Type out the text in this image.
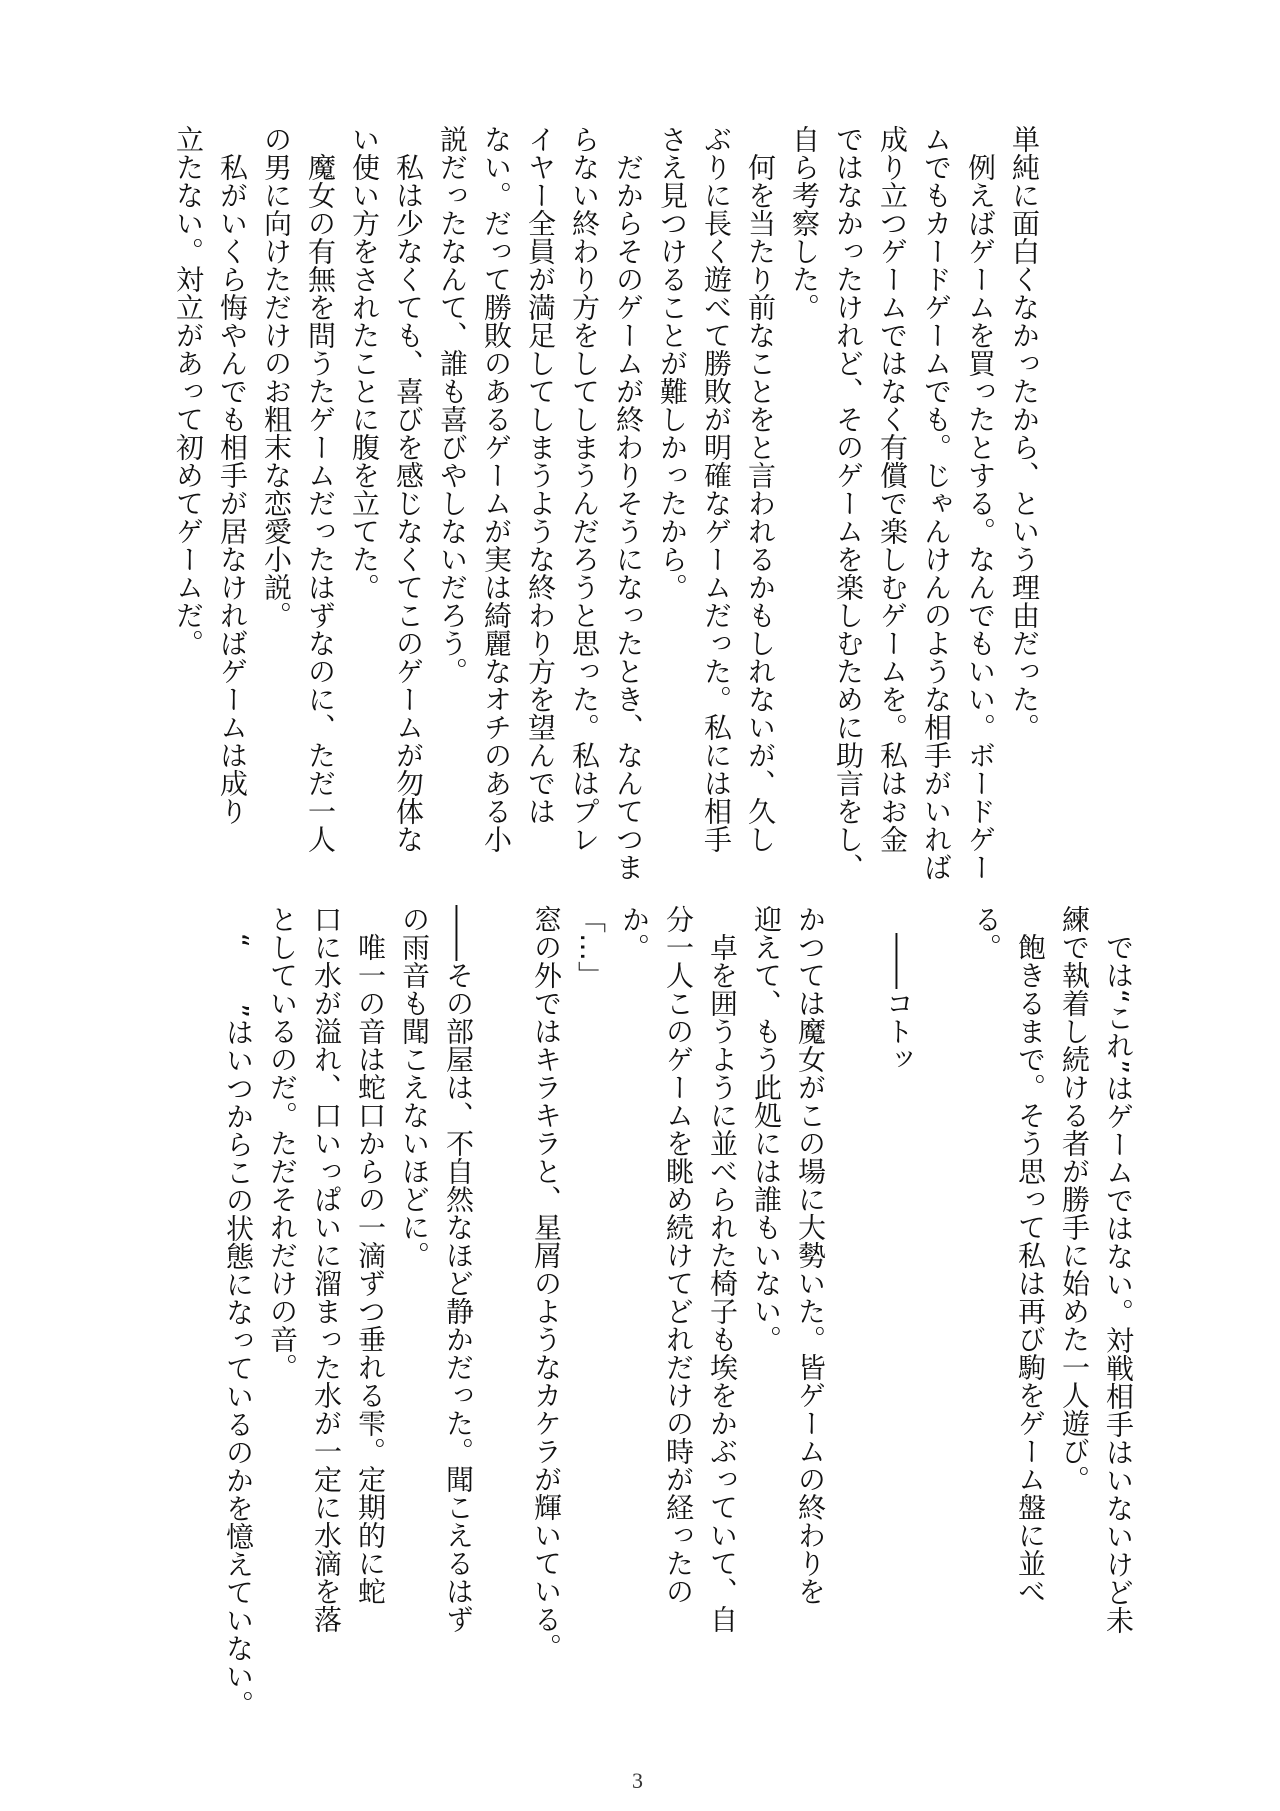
単純に面白くなかったから、という理由だった。
　例えばゲームを買ったとする。なんでもいい。ボードゲー
ムでもカードゲームでも。じゃんけんのような相手がいれば
成り立つゲームではなく有償で楽しむゲームを。私はお金
ではなかったけれど、そのゲームを楽しむために助言をし、
自ら考察した。
　何を当たり前なことをと言われるかもしれないが、久し
ぶりに長く遊べて勝敗が明確なゲームだった。私には相手
さえ見つけることが難しかったから。
　だからそのゲームが終わりそうになったとき、なんてつま
らない終わり方をしてしまうんだろうと思った。私はプレ
イヤー全員が満足してしまうような終わり方を望んでは
ない。だって勝敗のあるゲームが実は綺麗なオチのある小
説だったなんて、誰も喜びやしないだろう。
　私は少なくても、喜びを感じなくてこのゲームが勿体な
い使い方をされたことに腹を立てた。
　魔女の有無を問うたゲームだったはずなのに、ただ一人
の男に向けただけのお粗末な恋愛小説。
　私がいくら悔やんでも相手が居なければゲームは成り
立たない。対立があって初めてゲームだ。
　では“これ”はゲームではない。対戦相手はいないけど未
練で執着し続ける者が勝手に始めた一人遊び。
　飽きるまで。そう思って私は再び駒をゲーム盤に並べ
る。
　――コトッ
かつては魔女がこの場に大勢いた。皆ゲームの終わりを
迎えて、もう此処には誰もいない。
　卓を囲うように並べられた椅子も埃をかぶっていて、自
分一人このゲームを眺め続けてどれだけの時が経ったの
か。
「…」
窓の外ではキラキラと、星屑のようなカケラが輝いている。
――その部屋は、不自然なほど静かだった。聞こえるはず
の雨音も聞こえないほどに。
　唯一の音は蛇口からの一滴ずつ垂れる雫。定期的に蛇
口に水が溢れ、口いっぱいに溜まった水が一定に水滴を落
としているのだ。ただそれだけの音。
　“　　”はいつからこの状態になっているのかを憶えていない。
3
